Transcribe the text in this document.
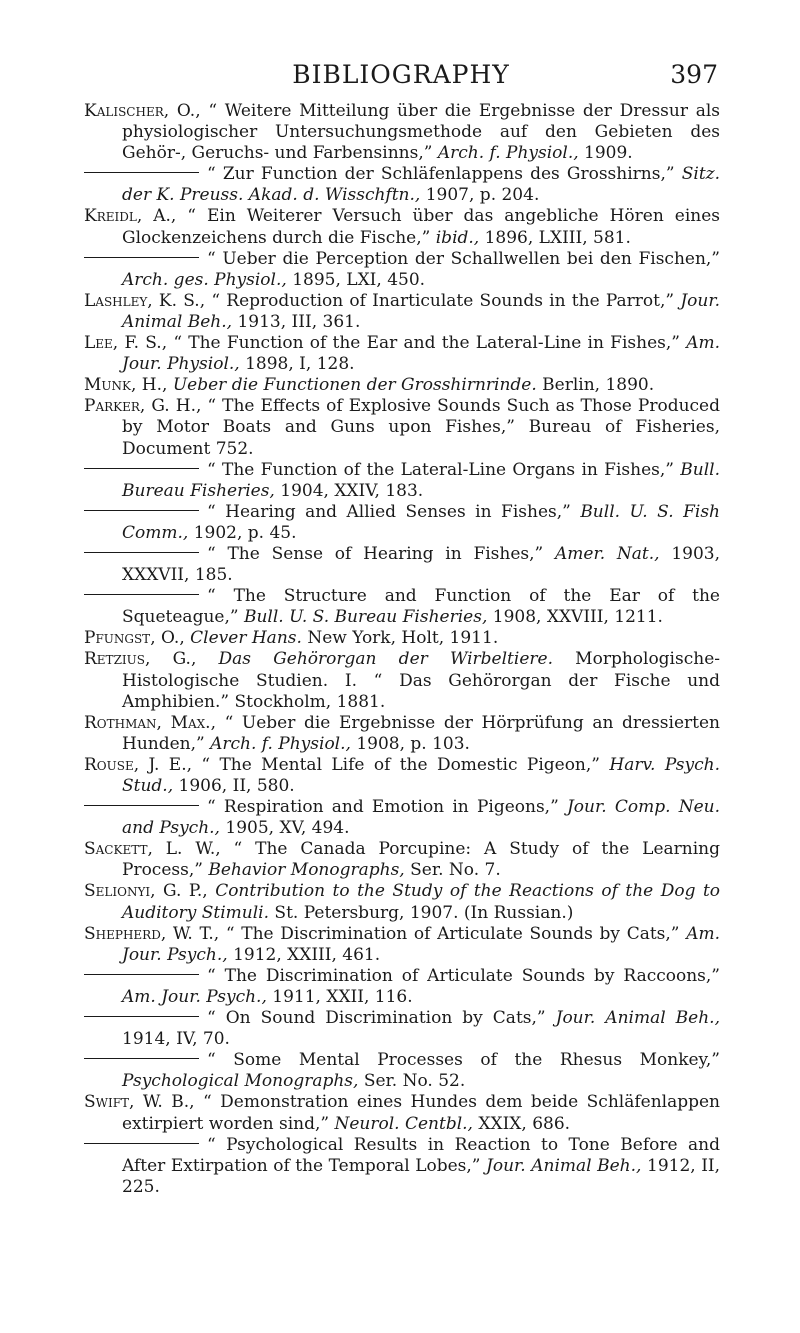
BIBLIOGRAPHY	397
Kalischer, O., “ Weitere Mitteilung über die Ergebnisse der Dressur als physiologischer Untersuchungsmethode auf den Gebieten des Gehör-, Geruchs- und Farbensinns,” Arch. f. Physiol., 1909.
“ Zur Function der Schläfenlappens des Grosshirns,” Sitz. der K. Preuss. Akad. d. Wisschftn., 1907, p. 204.
Kreidl, A., “ Ein Weiterer Versuch über das angebliche Hören eines Glockenzeichens durch die Fische,” ibid., 1896, LXIII, 581.
“ Ueber die Perception der Schallwellen bei den Fischen,” Arch. ges. Physiol., 1895, LXI, 450.
Lashley, K. S., “ Reproduction of Inarticulate Sounds in the Parrot,” Jour. Animal Beh., 1913, III, 361.
Lee, F. S., “ The Function of the Ear and the Lateral-Line in Fishes,” Am. Jour. Physiol., 1898, I, 128.
Munk, H., Ueber die Functionen der Grosshirnrinde. Berlin, 1890.
Parker, G. H., “ The Effects of Explosive Sounds Such as Those Produced by Motor Boats and Guns upon Fishes,” Bureau of Fisheries, Document 752.
“ The Function of the Lateral-Line Organs in Fishes,” Bull. Bureau Fisheries, 1904, XXIV, 183.
“ Hearing and Allied Senses in Fishes,” Bull. U. S. Fish Comm., 1902, p. 45.
“ The Sense of Hearing in Fishes,” Amer. Nat., 1903, XXXVII, 185.
“ The Structure and Function of the Ear of the Squeteague,” Bull. U. S. Bureau Fisheries, 1908, XXVIII, 1211.
Pfungst, O., Clever Hans. New York, Holt, 1911.
Retzius, G., Das Gehörorgan der Wirbeltiere. Morphologische-Histologische Studien. I. “ Das Gehörorgan der Fische und Amphibien.” Stockholm, 1881.
Rothman, Max., “ Ueber die Ergebnisse der Hörprüfung an dressierten Hunden,” Arch. f. Physiol., 1908, p. 103.
Rouse, J. E., “ The Mental Life of the Domestic Pigeon,” Harv. Psych. Stud., 1906, II, 580.
“ Respiration and Emotion in Pigeons,” Jour. Comp. Neu. and Psych., 1905, XV, 494.
Sackett, L. W., “ The Canada Porcupine: A Study of the Learning Process,” Behavior Monographs, Ser. No. 7.
Selionyi, G. P., Contribution to the Study of the Reactions of the Dog to Auditory Stimuli. St. Petersburg, 1907. (In Russian.)
Shepherd, W. T., “ The Discrimination of Articulate Sounds by Cats,” Am. Jour. Psych., 1912, XXIII, 461.
“ The Discrimination of Articulate Sounds by Raccoons,” Am. Jour. Psych., 1911, XXII, 116.
“ On Sound Discrimination by Cats,” Jour. Animal Beh., 1914, IV, 70.
“ Some Mental Processes of the Rhesus Monkey,” Psychological Monographs, Ser. No. 52.
Swift, W. B., “ Demonstration eines Hundes dem beide Schläfenlappen extirpiert worden sind,” Neurol. Centbl., XXIX, 686.
“ Psychological Results in Reaction to Tone Before and After Extirpation of the Temporal Lobes,” Jour. Animal Beh., 1912, II, 225.
